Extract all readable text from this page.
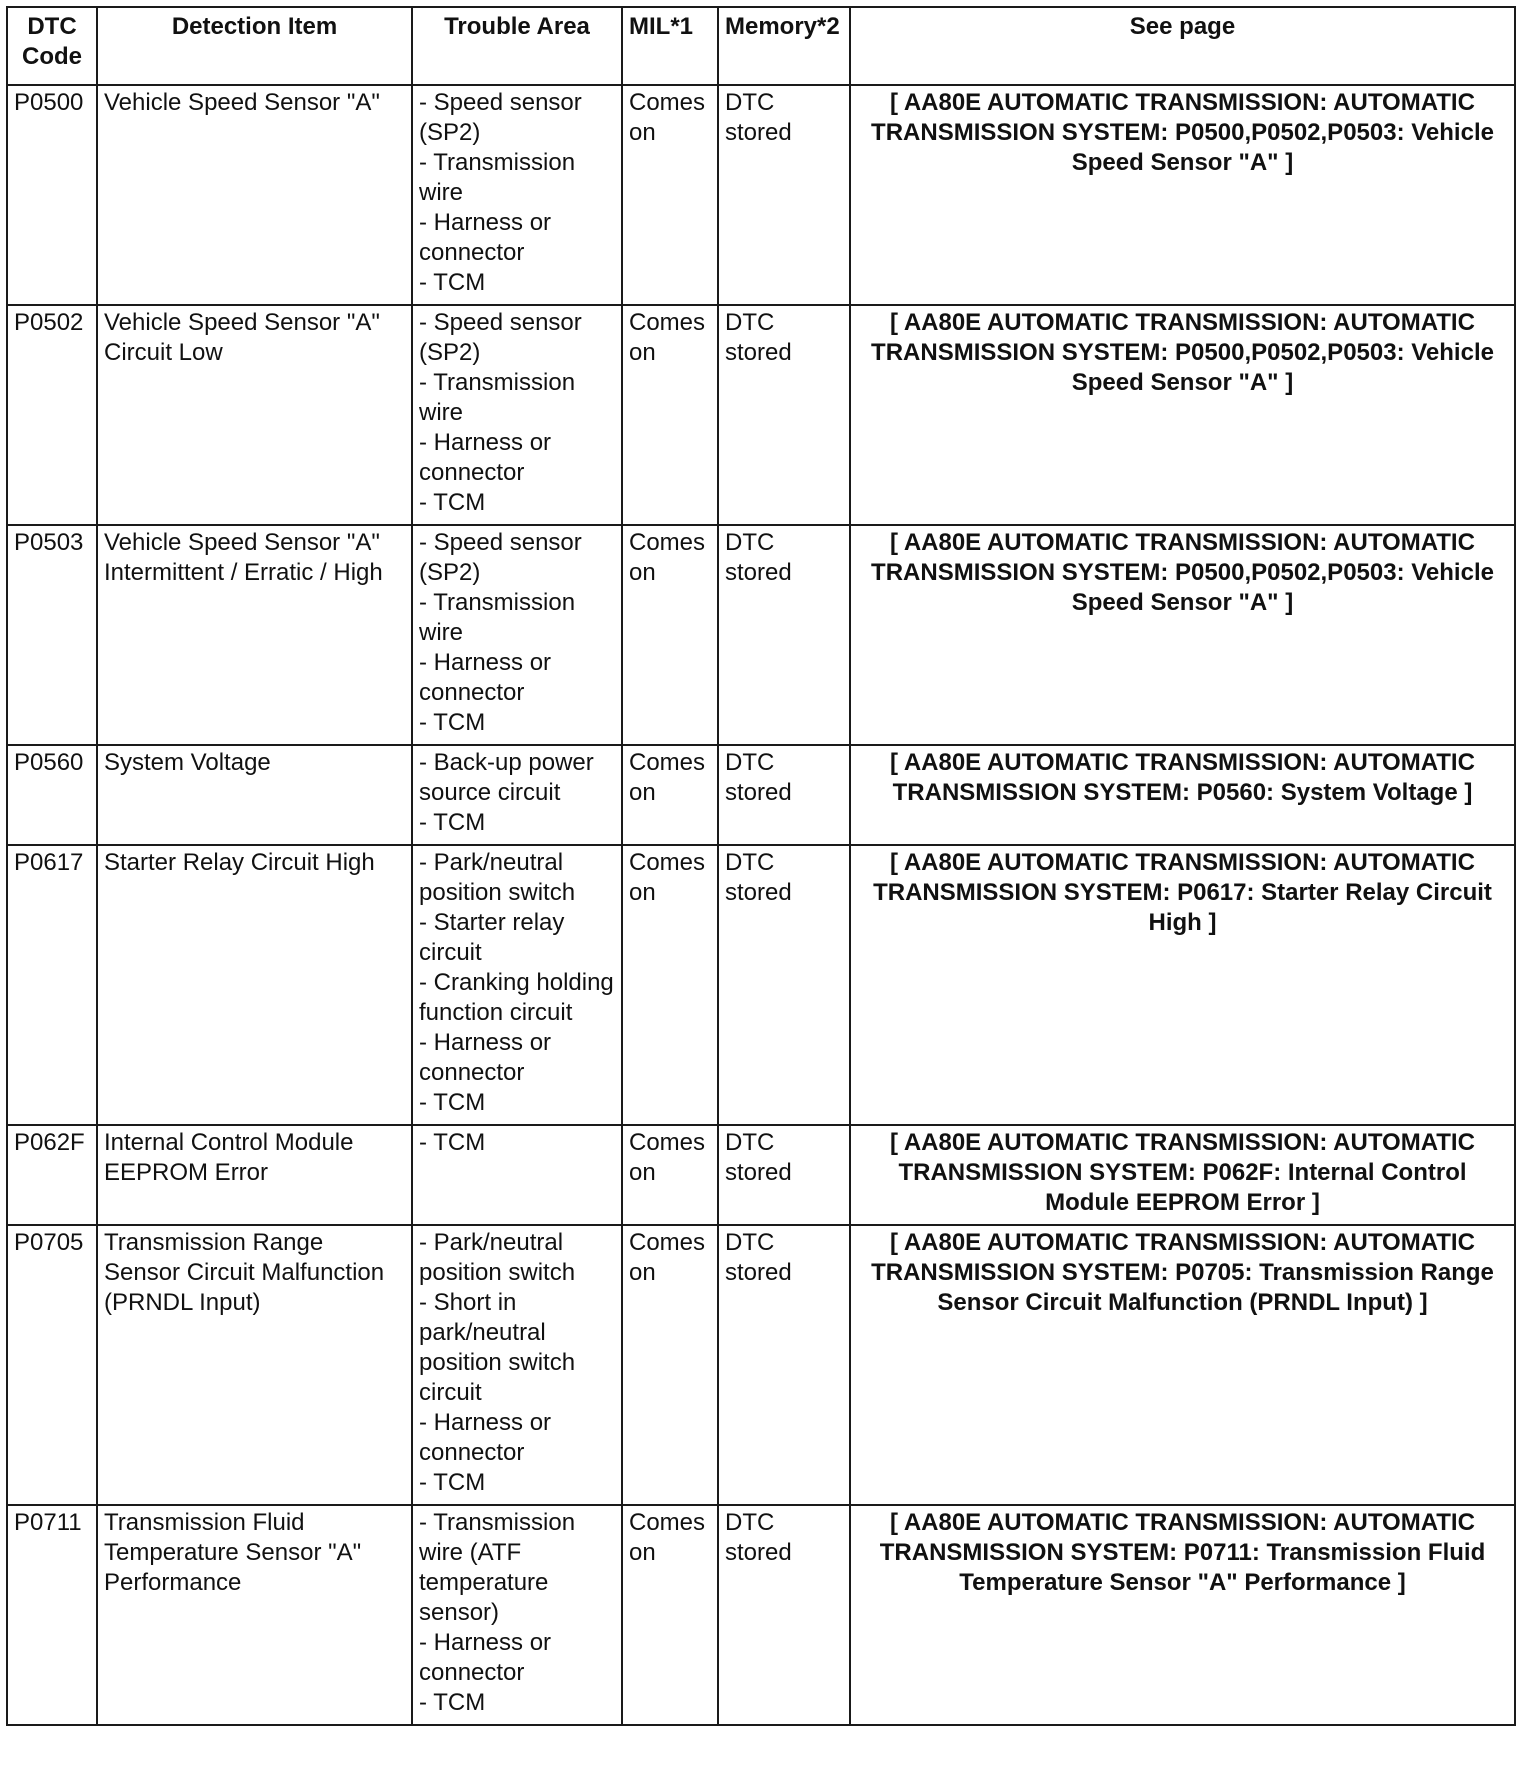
DTC Code	Detection Item	Trouble Area	MIL*1	Memory*2	See page
P0500	Vehicle Speed Sensor "A"	- Speed sensor (SP2)
- Transmission wire
- Harness or connector
- TCM	Comes on	DTC stored	[ AA80E AUTOMATIC TRANSMISSION: AUTOMATIC TRANSMISSION SYSTEM: P0500,P0502,P0503: Vehicle Speed Sensor "A" ]
P0502	Vehicle Speed Sensor "A" Circuit Low	- Speed sensor (SP2)
- Transmission wire
- Harness or connector
- TCM	Comes on	DTC stored	[ AA80E AUTOMATIC TRANSMISSION: AUTOMATIC TRANSMISSION SYSTEM: P0500,P0502,P0503: Vehicle Speed Sensor "A" ]
P0503	Vehicle Speed Sensor "A" Intermittent / Erratic / High	- Speed sensor (SP2)
- Transmission wire
- Harness or connector
- TCM	Comes on	DTC stored	[ AA80E AUTOMATIC TRANSMISSION: AUTOMATIC TRANSMISSION SYSTEM: P0500,P0502,P0503: Vehicle Speed Sensor "A" ]
P0560	System Voltage	- Back-up power source circuit
- TCM	Comes on	DTC stored	[ AA80E AUTOMATIC TRANSMISSION: AUTOMATIC TRANSMISSION SYSTEM: P0560: System Voltage ]
P0617	Starter Relay Circuit High	- Park/neutral position switch
- Starter relay circuit
- Cranking holding function circuit
- Harness or connector
- TCM	Comes on	DTC stored	[ AA80E AUTOMATIC TRANSMISSION: AUTOMATIC TRANSMISSION SYSTEM: P0617: Starter Relay Circuit High ]
P062F	Internal Control Module EEPROM Error	- TCM	Comes on	DTC stored	[ AA80E AUTOMATIC TRANSMISSION: AUTOMATIC TRANSMISSION SYSTEM: P062F: Internal Control Module EEPROM Error ]
P0705	Transmission Range Sensor Circuit Malfunction (PRNDL Input)	- Park/neutral position switch
- Short in park/neutral position switch circuit
- Harness or connector
- TCM	Comes on	DTC stored	[ AA80E AUTOMATIC TRANSMISSION: AUTOMATIC TRANSMISSION SYSTEM: P0705: Transmission Range Sensor Circuit Malfunction (PRNDL Input) ]
P0711	Transmission Fluid Temperature Sensor "A" Performance	- Transmission wire (ATF temperature sensor)
- Harness or connector
- TCM	Comes on	DTC stored	[ AA80E AUTOMATIC TRANSMISSION: AUTOMATIC TRANSMISSION SYSTEM: P0711: Transmission Fluid Temperature Sensor "A" Performance ]
